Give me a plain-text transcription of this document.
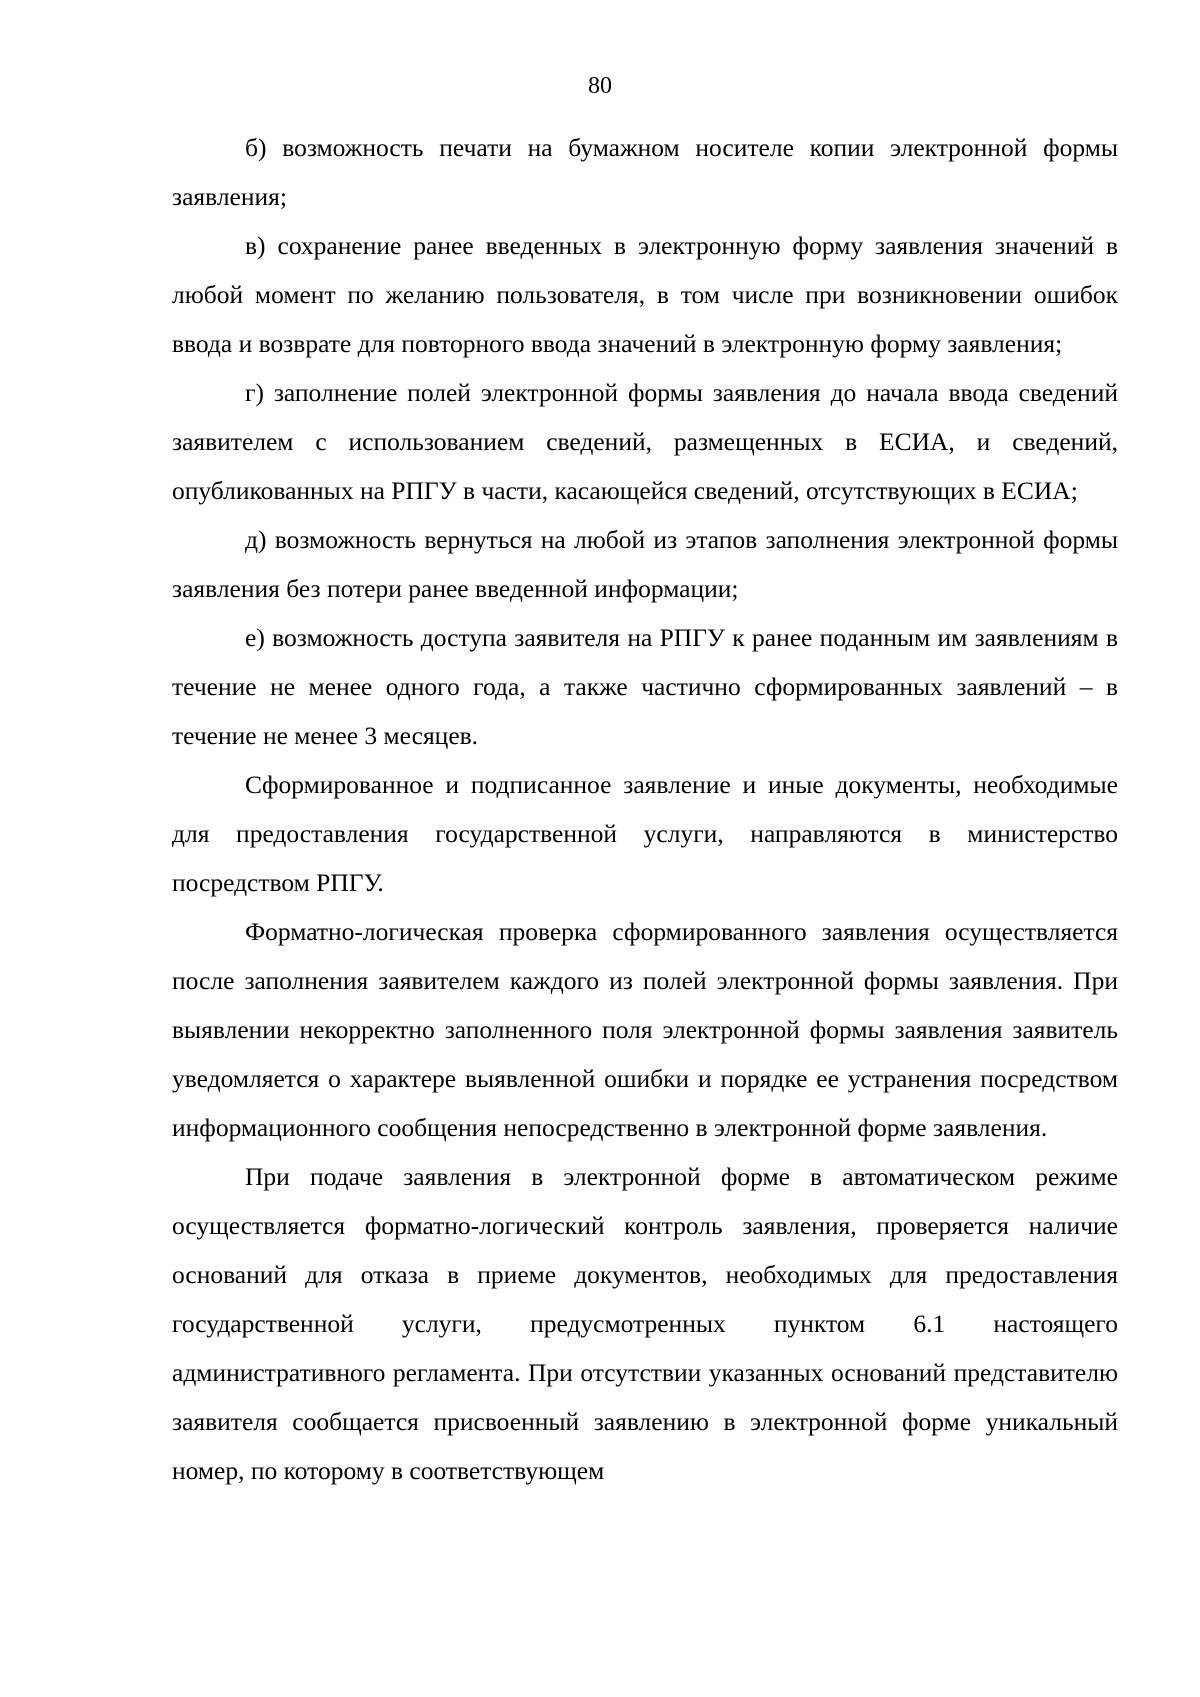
80

б) возможность печати на бумажном носителе копии электронной формы заявления;

в) сохранение ранее введенных в электронную форму заявления значений в любой момент по желанию пользователя, в том числе при возникновении ошибок ввода и возврате для повторного ввода значений в электронную форму заявления;

г) заполнение полей электронной формы заявления до начала ввода сведений заявителем с использованием сведений, размещенных в ЕСИА, и сведений, опубликованных на РПГУ в части, касающейся сведений, отсутствующих в ЕСИА;

д) возможность вернуться на любой из этапов заполнения электронной формы заявления без потери ранее введенной информации;

е) возможность доступа заявителя на РПГУ к ранее поданным им заявлениям в течение не менее одного года, а также частично сформированных заявлений – в течение не менее 3 месяцев.

Сформированное и подписанное заявление и иные документы, необходимые для предоставления государственной услуги, направляются в министерство посредством РПГУ.

Форматно-логическая проверка сформированного заявления осуществляется после заполнения заявителем каждого из полей электронной формы заявления. При выявлении некорректно заполненного поля электронной формы заявления заявитель уведомляется о характере выявленной ошибки и порядке ее устранения посредством информационного сообщения непосредственно в электронной форме заявления.

При подаче заявления в электронной форме в автоматическом режиме осуществляется форматно-логический контроль заявления, проверяется наличие оснований для отказа в приеме документов, необходимых для предоставления государственной услуги, предусмотренных пунктом 6.1 настоящего административного регламента. При отсутствии указанных оснований представителю заявителя сообщается присвоенный заявлению в электронной форме уникальный номер, по которому в соответствующем
